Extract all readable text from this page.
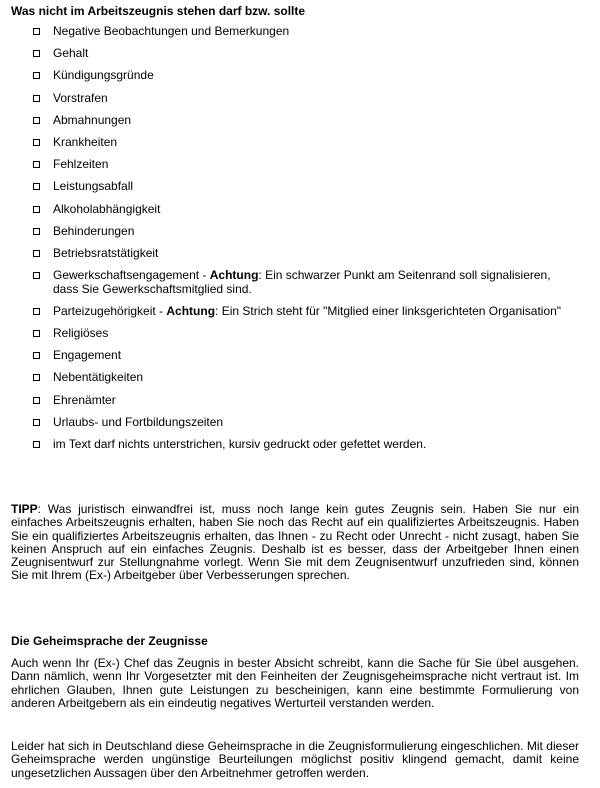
Was nicht im Arbeitszeugnis stehen darf bzw. sollte

Negative Beobachtungen und Bemerkungen
Gehalt
Kündigungsgründe
Vorstrafen
Abmahnungen
Krankheiten
Fehlzeiten
Leistungsabfall
Alkoholabhängigkeit
Behinderungen
Betriebsratstätigkeit
Gewerkschaftsengagement - Achtung: Ein schwarzer Punkt am Seitenrand soll signalisieren, dass Sie Gewerkschaftsmitglied sind.
Parteizugehörigkeit - Achtung: Ein Strich steht für "Mitglied einer linksgerichteten Organisation"
Religiöses
Engagement
Nebentätigkeiten
Ehrenämter
Urlaubs- und Fortbildungszeiten
im Text darf nichts unterstrichen, kursiv gedruckt oder gefettet werden.

TIPP: Was juristisch einwandfrei ist, muss noch lange kein gutes Zeugnis sein. Haben Sie nur ein einfaches Arbeitszeugnis erhalten, haben Sie noch das Recht auf ein qualifiziertes Arbeitszeugnis. Haben Sie ein qualifiziertes Arbeitszeugnis erhalten, das Ihnen - zu Recht oder Unrecht - nicht zusagt, haben Sie keinen Anspruch auf ein einfaches Zeugnis. Deshalb ist es besser, dass der Arbeitgeber Ihnen einen Zeugnisentwurf zur Stellungnahme vorlegt. Wenn Sie mit dem Zeugnisentwurf unzufrieden sind, können Sie mit Ihrem (Ex-) Arbeitgeber über Verbesserungen sprechen.

Die Geheimsprache der Zeugnisse

Auch wenn Ihr (Ex-) Chef das Zeugnis in bester Absicht schreibt, kann die Sache für Sie übel ausgehen. Dann nämlich, wenn Ihr Vorgesetzter mit den Feinheiten der Zeugnisgeheimsprache nicht vertraut ist. Im ehrlichen Glauben, Ihnen gute Leistungen zu bescheinigen, kann eine bestimmte Formulierung von anderen Arbeitgebern als ein eindeutig negatives Werturteil verstanden werden.

Leider hat sich in Deutschland diese Geheimsprache in die Zeugnisformulierung eingeschlichen. Mit dieser Geheimsprache werden ungünstige Beurteilungen möglichst positiv klingend gemacht, damit keine ungesetzlichen Aussagen über den Arbeitnehmer getroffen werden.
